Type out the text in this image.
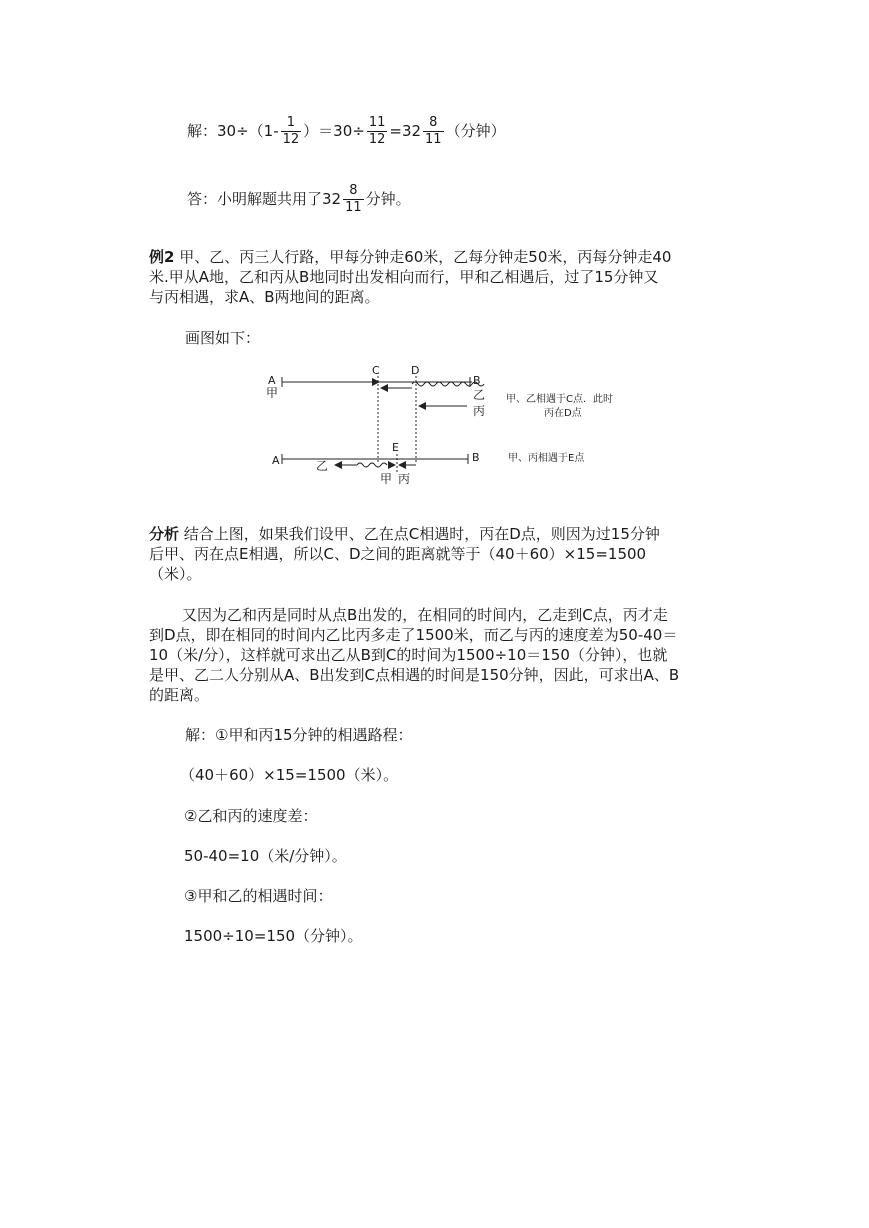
解：$30\div(1- \frac{1}{12} )=30\div \frac{11}{12} =32 \frac{8}{11}$ （分钟）
答：小明解题共用了$32 \frac{8}{11}$ 分钟。
例2 甲、乙、丙三人行路，甲每分钟走60米，乙每分钟走50米，丙每分钟走40
米.甲从A地，乙和丙从B地同时出发相向而行，甲和乙相遇后，过了15分钟又
与丙相遇，求A、B两地间的距离。
画图如下：
A
甲
C	D
B
乙
丙
甲、乙相遇于C点．此时
丙在D点
A
E
B
乙
甲 丙
甲、丙相遇于E点
分析 结合上图，如果我们设甲、乙在点C相遇时，丙在D点，则因为过15分钟
后甲、丙在点E相遇，所以C、D之间的距离就等于（40＋60）×15=1500
（米）。
又因为乙和丙是同时从点B出发的，在相同的时间内，乙走到C点，丙才走
到D点，即在相同的时间内乙比丙多走了1500米，而乙与丙的速度差为50-40＝
10（米/分），这样就可求出乙从B到C的时间为1500÷10＝150（分钟），也就
是甲、乙二人分别从A、B出发到C点相遇的时间是150分钟，因此，可求出A、B
的距离。
解：①甲和丙15分钟的相遇路程：
（40＋60）×15=1500（米）。
②乙和丙的速度差：
50-40=10（米/分钟）。
③甲和乙的相遇时间：
1500÷10=150（分钟）。
